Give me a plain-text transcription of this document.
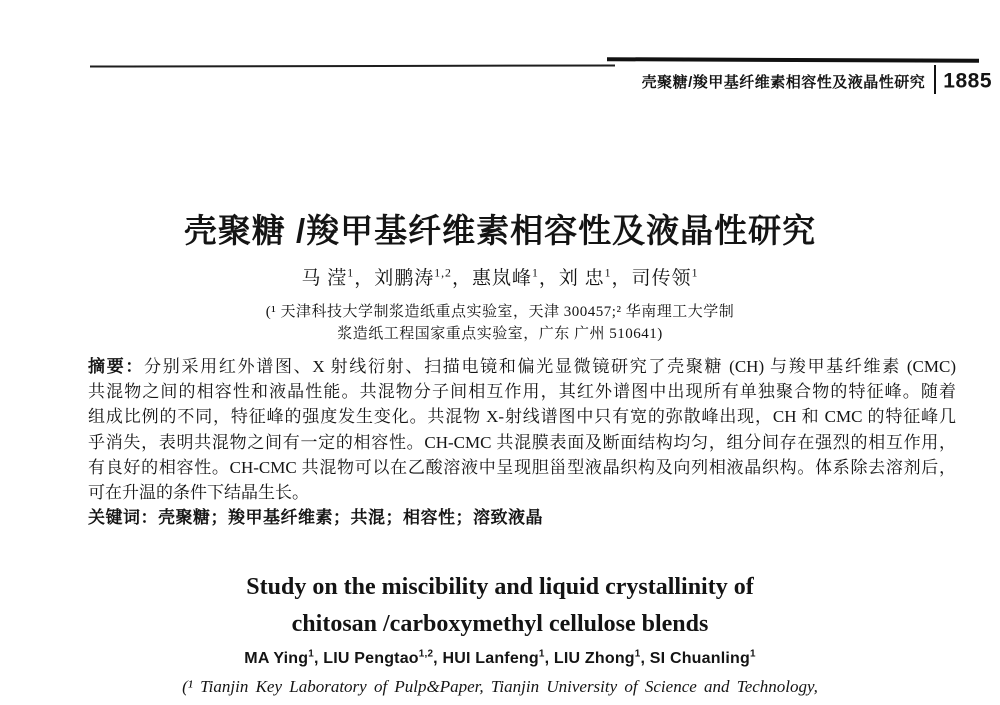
壳聚糖/羧甲基纤维素相容性及液晶性研究 1885
壳聚糖 /羧甲基纤维素相容性及液晶性研究
马 滢$^1$，刘鹏涛$^{1,2}$，惠岚峰$^1$，刘 忠$^1$，司传领$^1$
(¹ 天津科技大学制浆造纸重点实验室，天津 300457;² 华南理工大学制
浆造纸工程国家重点实验室，广东 广州 510641)
摘要：分别采用红外谱图、X 射线衍射、扫描电镜和偏光显微镜研究了壳聚糖 (CH) 与羧甲基纤维素 (CMC)
共混物之间的相容性和液晶性能。共混物分子间相互作用，其红外谱图中出现所有单独聚合物的特征峰。随着
组成比例的不同，特征峰的强度发生变化。共混物 X-射线谱图中只有宽的弥散峰出现，CH 和 CMC 的特征峰几
乎消失，表明共混物之间有一定的相容性。CH-CMC 共混膜表面及断面结构均匀，组分间存在强烈的相互作用，
有良好的相容性。CH-CMC 共混物可以在乙酸溶液中呈现胆甾型液晶织构及向列相液晶织构。体系除去溶剂后，
可在升温的条件下结晶生长。
关键词：壳聚糖；羧甲基纤维素；共混；相容性；溶致液晶
Study on the miscibility and liquid crystallinity of
chitosan /carboxymethyl cellulose blends
MA Ying$^1$, LIU Pengtao$^{1,2}$, HUI Lanfeng$^1$, LIU Zhong$^1$, SI Chuanling$^1$
(¹ Tianjin Key Laboratory of Pulp&Paper, Tianjin University of Science and Technology,
